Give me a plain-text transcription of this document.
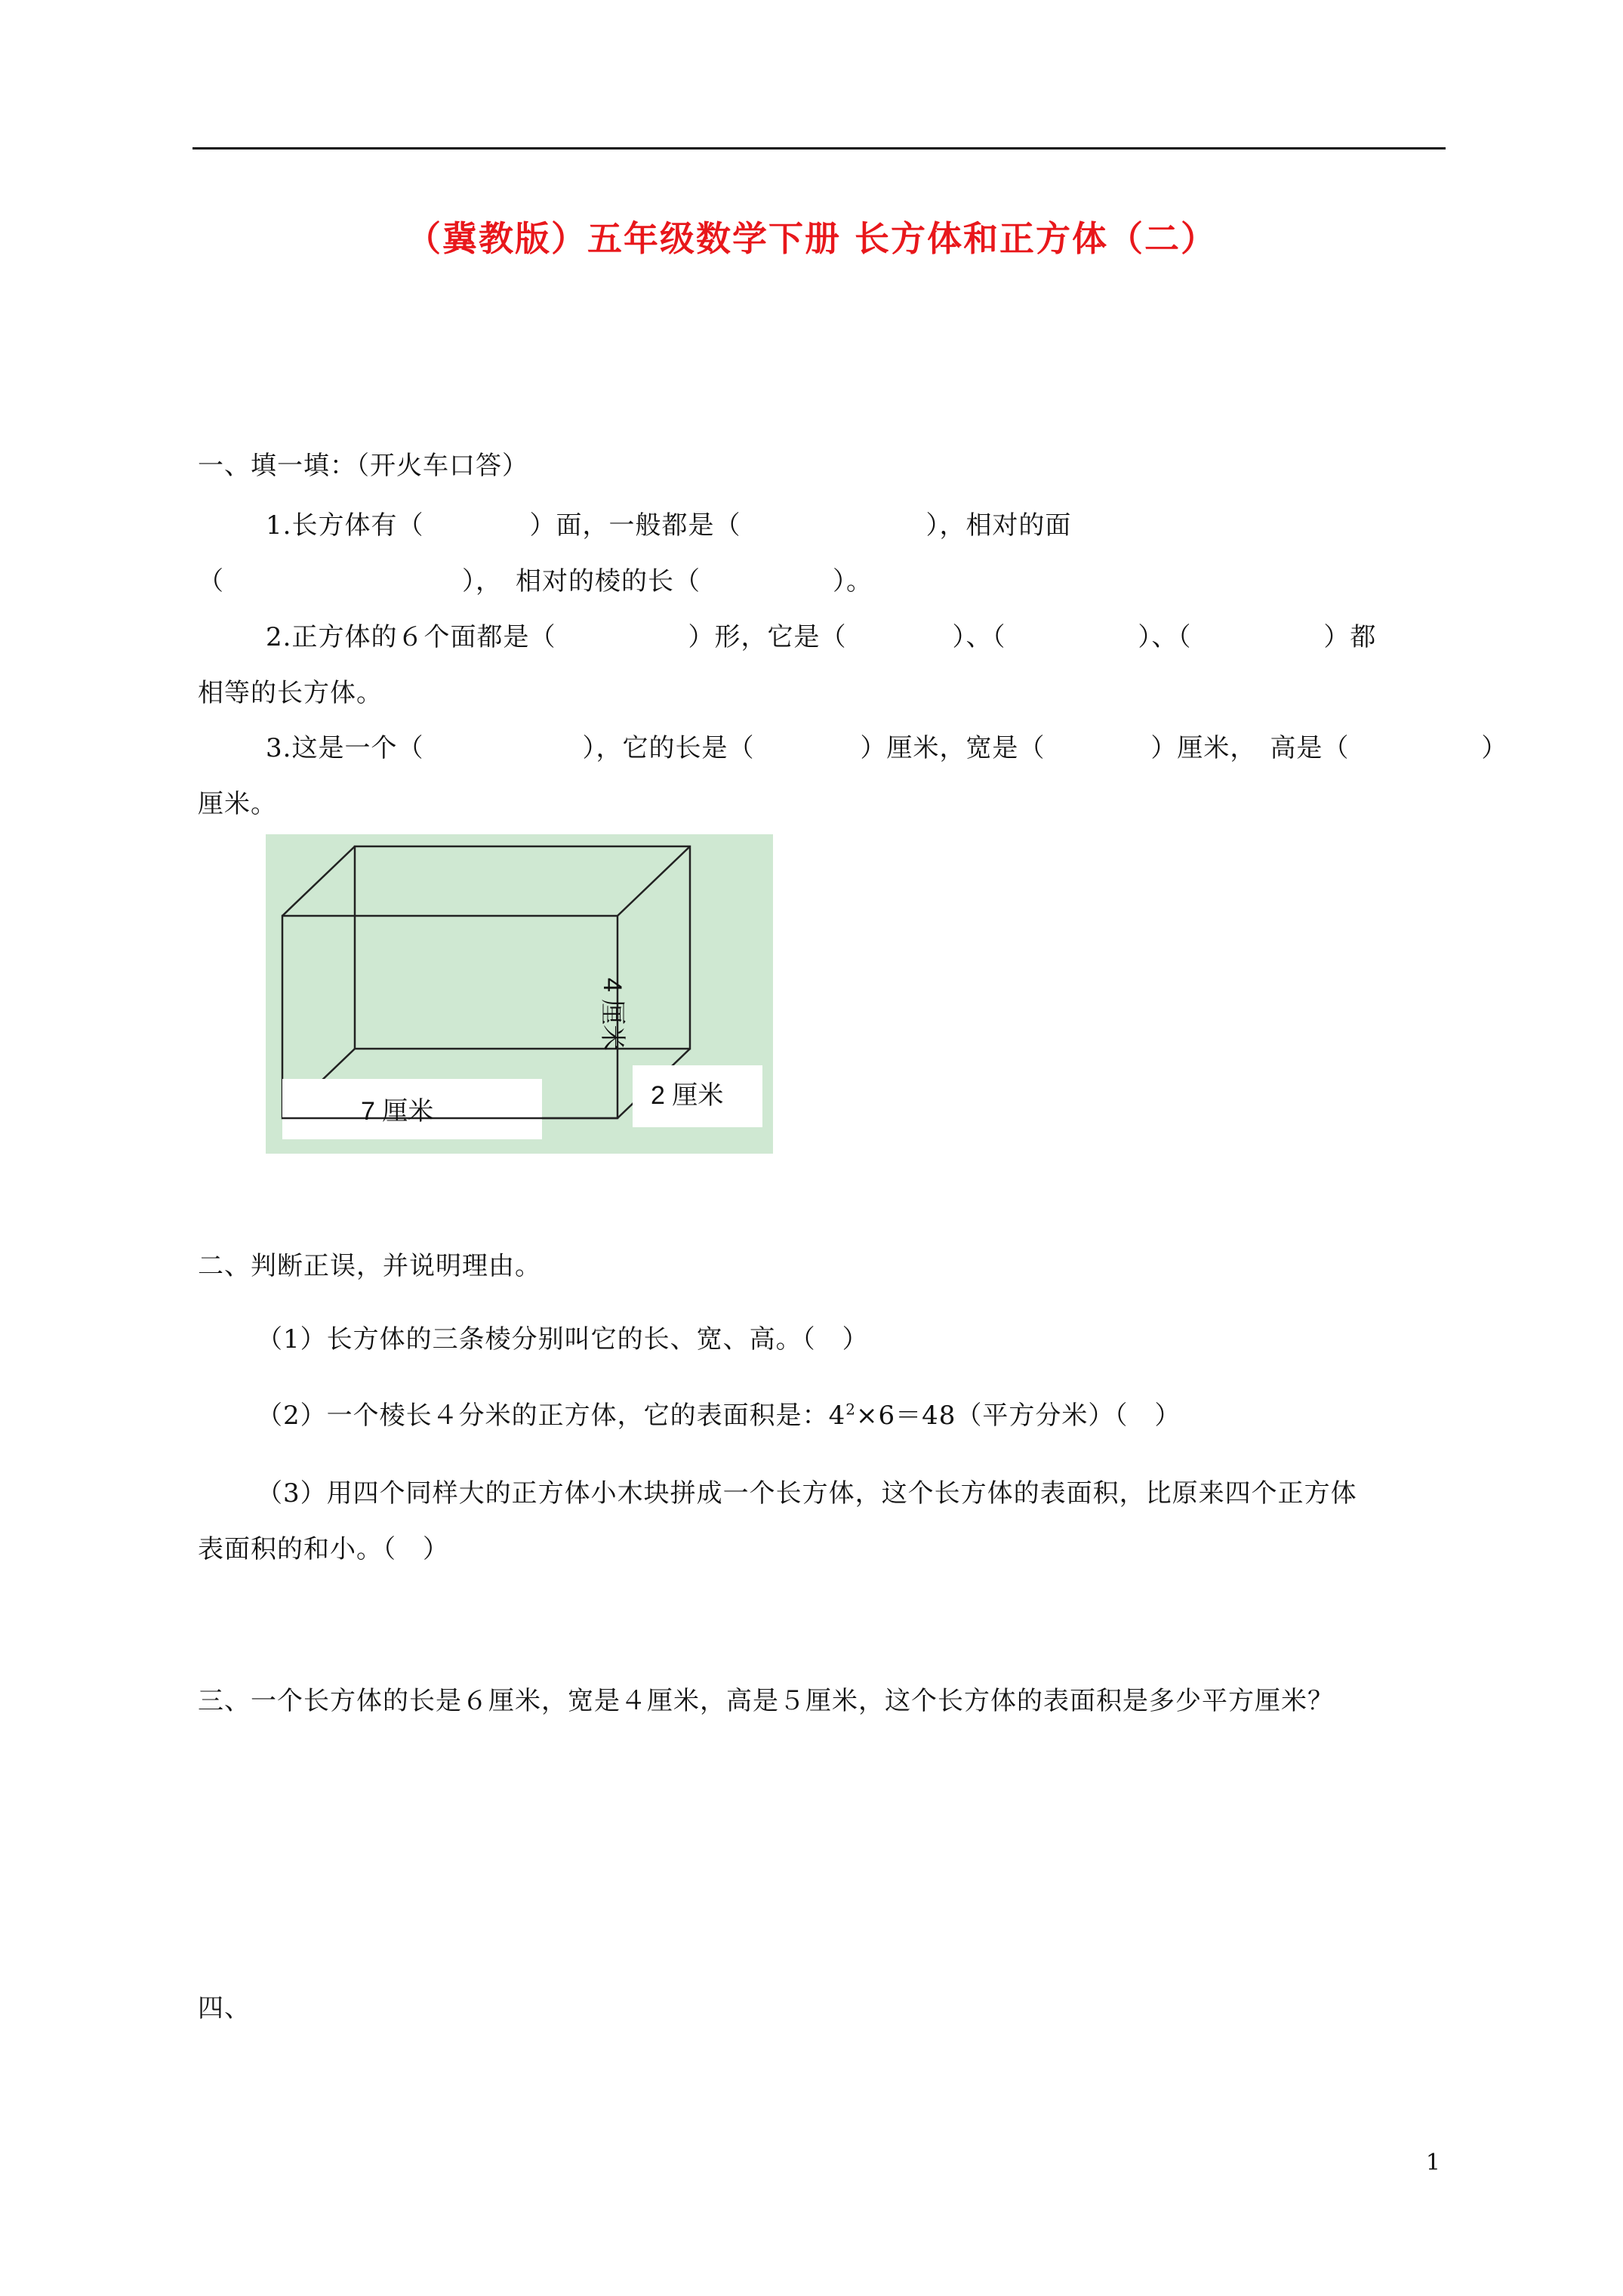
（冀教版）五年级数学下册 长方体和正方体（二）
一、填一填：（开火车口答）
1.长方体有（　　　　）面，一般都是（　　　　　　　），相对的面
（　　　　　　　　　），　相对的棱的长（　　　　　）。
2.正方体的６个面都是（　　　　　）形，它是（　　　　）、（　　　　　）、（　　　　　）都
相等的长方体。
3.这是一个（　　　　　　），它的长是（　　　　）厘米，宽是（　　　　）厘米，　高是（　　　　　）
厘米。
7 厘米
2 厘米
4 厘米
二、判断正误，并说明理由。
（1）长方体的三条棱分别叫它的长、宽、高。（　）
（2）一个棱长４分米的正方体，它的表面积是：$4^2\times 6=48$（平方分米）（　）
（3）用四个同样大的正方体小木块拼成一个长方体，这个长方体的表面积，比原来四个正方体
表面积的和小。（　）
三、一个长方体的长是６厘米，宽是４厘米，高是５厘米，这个长方体的表面积是多少平方厘米？
四、
1
